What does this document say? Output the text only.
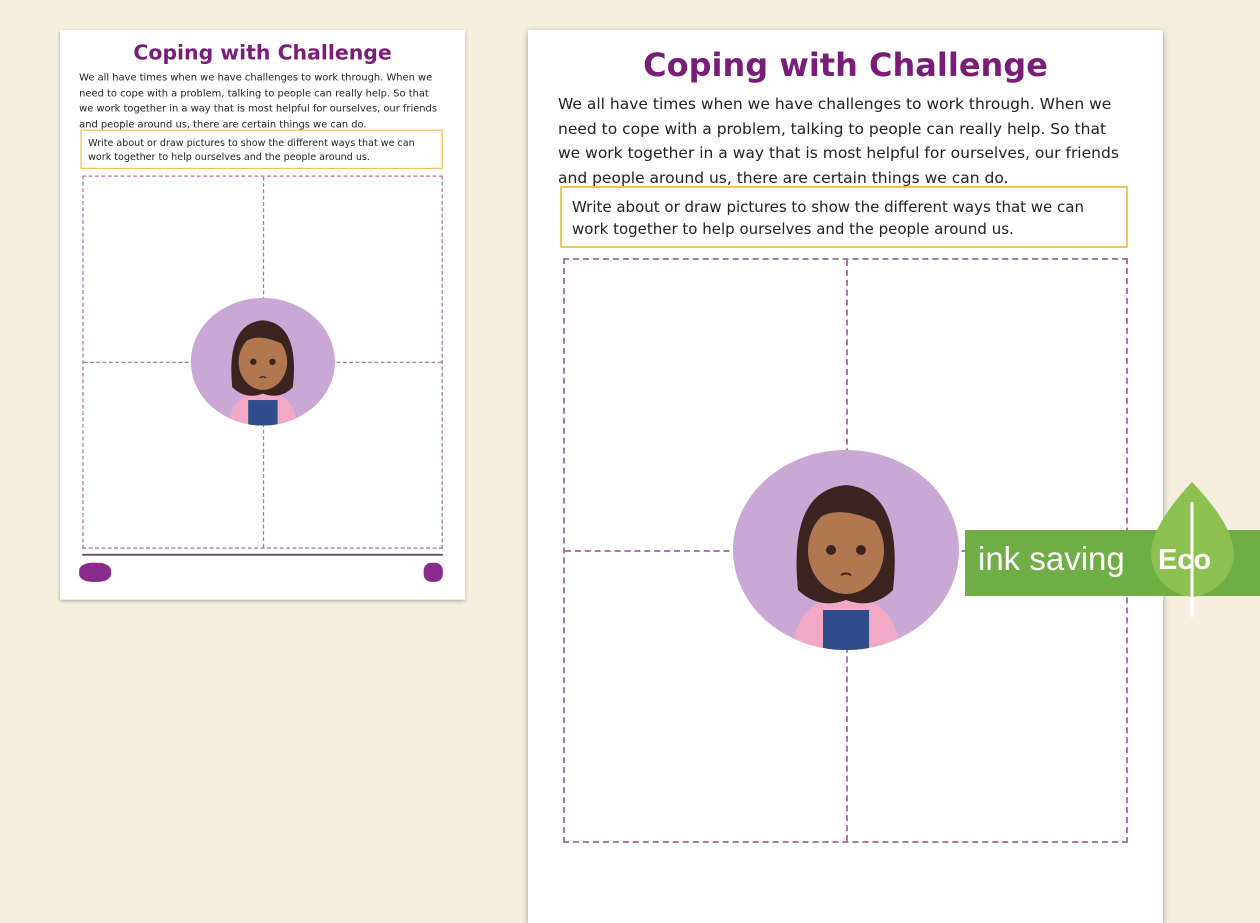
Coping with Challenge
We all have times when we have challenges to work through. When we need to cope with a problem, talking to people can really help. So that we work together in a way that is most helpful for ourselves, our friends and people around us, there are certain things we can do.
Write about or draw pictures to show the different ways that we can work together to help ourselves and the people around us.
Coping with Challenge
We all have times when we have challenges to work through. When we need to cope with a problem, talking to people can really help. So that we work together in a way that is most helpful for ourselves, our friends and people around us, there are certain things we can do.
Write about or draw pictures to show the different ways that we can work together to help ourselves and the people around us.
ink saving Eco
